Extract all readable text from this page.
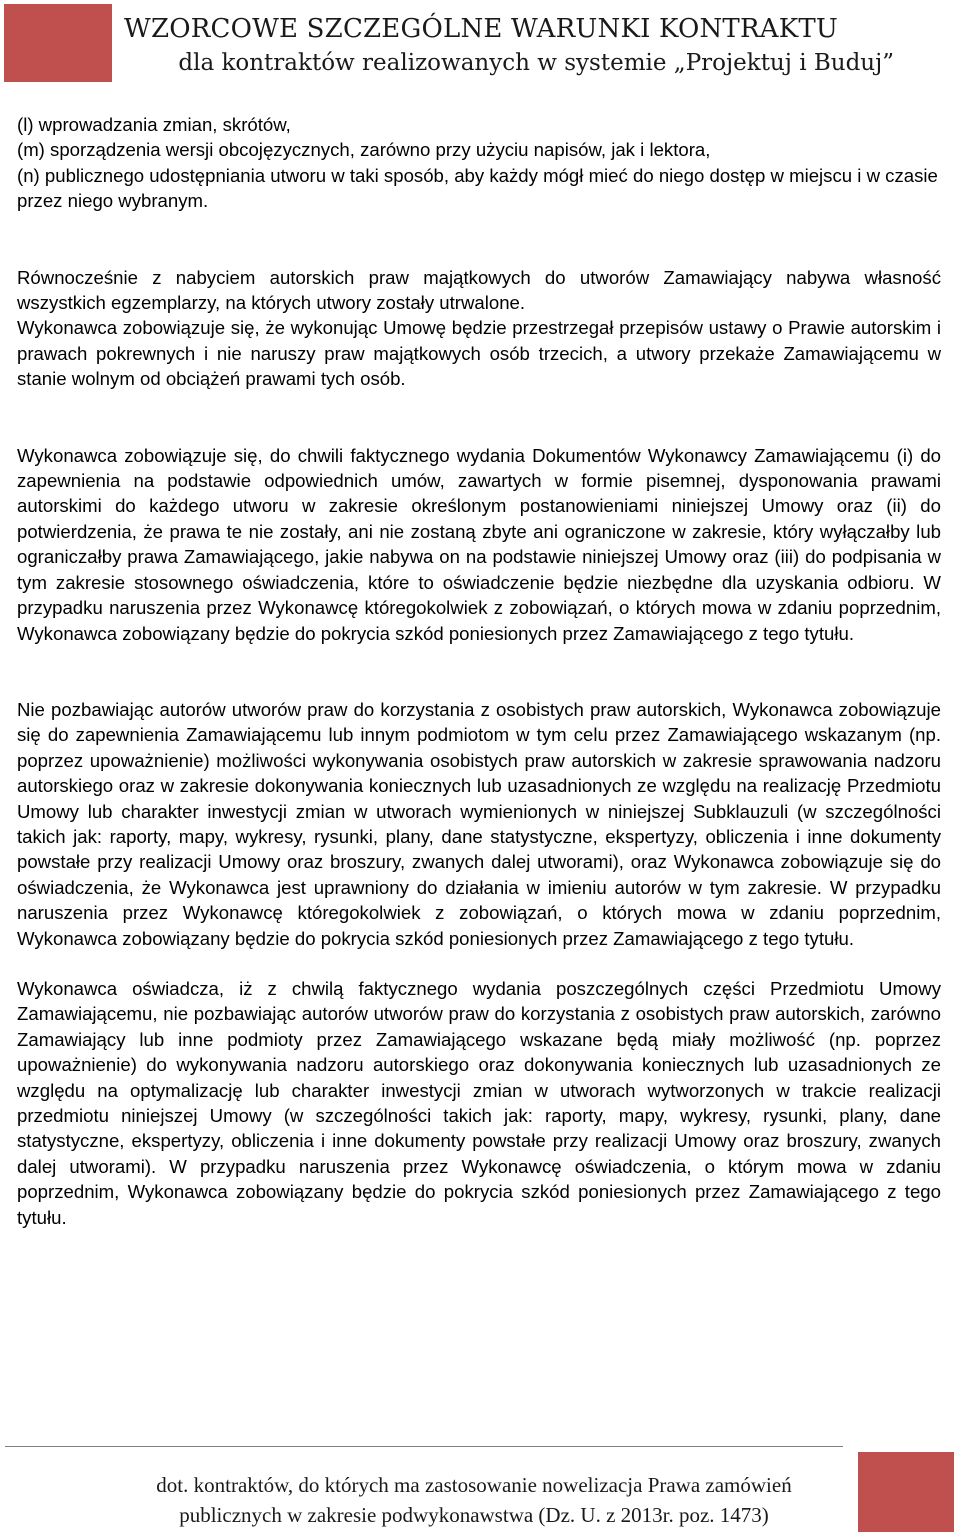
WZORCOWE SZCZEGÓLNE WARUNKI KONTRAKTU
dla kontraktów realizowanych w systemie „Projektuj i Buduj”

(l) wprowadzania zmian, skrótów,

(m) sporządzenia wersji obcojęzycznych, zarówno przy użyciu napisów, jak i lektora,

(n) publicznego udostępniania utworu w taki sposób, aby każdy mógł mieć do niego dostęp w miejscu i w czasie przez niego wybranym.

Równocześnie z nabyciem autorskich praw majątkowych do utworów Zamawiający nabywa własność wszystkich egzemplarzy, na których utwory zostały utrwalone.

Wykonawca zobowiązuje się, że wykonując Umowę będzie przestrzegał przepisów ustawy o Prawie autorskim i prawach pokrewnych i nie naruszy praw majątkowych osób trzecich, a utwory przekaże Zamawiającemu w stanie wolnym od obciążeń prawami tych osób.

Wykonawca zobowiązuje się, do chwili faktycznego wydania Dokumentów Wykonawcy Zamawiającemu (i) do zapewnienia na podstawie odpowiednich umów, zawartych w formie pisemnej, dysponowania prawami autorskimi do każdego utworu w zakresie określonym postanowieniami niniejszej Umowy oraz (ii) do potwierdzenia, że prawa te nie zostały, ani nie zostaną zbyte ani ograniczone w zakresie, który wyłączałby lub ograniczałby prawa Zamawiającego, jakie nabywa on na podstawie niniejszej Umowy oraz (iii) do podpisania w tym zakresie stosownego oświadczenia, które to oświadczenie będzie niezbędne dla uzyskania odbioru. W przypadku naruszenia przez Wykonawcę któregokolwiek z zobowiązań, o których mowa w zdaniu poprzednim, Wykonawca zobowiązany będzie do pokrycia szkód poniesionych przez Zamawiającego z tego tytułu.

Nie pozbawiając autorów utworów praw do korzystania z osobistych praw autorskich, Wykonawca zobowiązuje się do zapewnienia Zamawiającemu lub innym podmiotom w tym celu przez Zamawiającego wskazanym (np. poprzez upoważnienie) możliwości wykonywania osobistych praw autorskich w zakresie sprawowania nadzoru autorskiego oraz w zakresie dokonywania koniecznych lub uzasadnionych ze względu na realizację Przedmiotu Umowy lub charakter inwestycji zmian w utworach wymienionych w niniejszej Subklauzuli (w szczególności takich jak: raporty, mapy, wykresy, rysunki, plany, dane statystyczne, ekspertyzy, obliczenia i inne dokumenty powstałe przy realizacji Umowy oraz broszury, zwanych dalej utworami), oraz Wykonawca zobowiązuje się do oświadczenia, że Wykonawca jest uprawniony do działania w imieniu autorów w tym zakresie. W przypadku naruszenia przez Wykonawcę któregokolwiek z zobowiązań, o których mowa w zdaniu poprzednim, Wykonawca zobowiązany będzie do pokrycia szkód poniesionych przez Zamawiającego z tego tytułu.

Wykonawca oświadcza, iż z chwilą faktycznego wydania poszczególnych części Przedmiotu Umowy Zamawiającemu, nie pozbawiając autorów utworów praw do korzystania z osobistych praw autorskich, zarówno Zamawiający lub inne podmioty przez Zamawiającego wskazane będą miały możliwość (np. poprzez upoważnienie) do wykonywania nadzoru autorskiego oraz dokonywania koniecznych lub uzasadnionych ze względu na optymalizację lub charakter inwestycji zmian w utworach wytworzonych w trakcie realizacji przedmiotu niniejszej Umowy (w szczególności takich jak: raporty, mapy, wykresy, rysunki, plany, dane statystyczne, ekspertyzy, obliczenia i inne dokumenty powstałe przy realizacji Umowy oraz broszury, zwanych dalej utworami). W przypadku naruszenia przez Wykonawcę oświadczenia, o którym mowa w zdaniu poprzednim, Wykonawca zobowiązany będzie do pokrycia szkód poniesionych przez Zamawiającego z tego tytułu.

dot. kontraktów, do których ma zastosowanie nowelizacja Prawa zamówień
publicznych w zakresie podwykonawstwa (Dz. U. z 2013r. poz. 1473)
